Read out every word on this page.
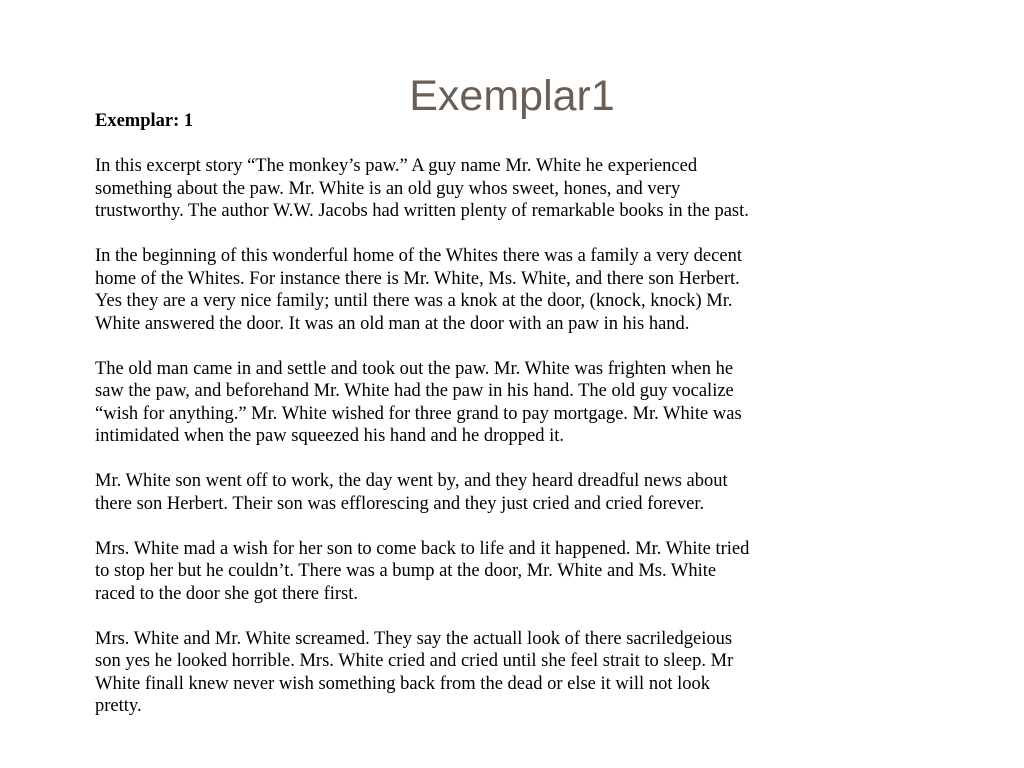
Exemplar1
Exemplar: 1
In this excerpt story “The monkey’s paw.” A guy name Mr. White he experienced
something about the paw. Mr. White is an old guy whos sweet, hones, and very
trustworthy. The author W.W. Jacobs had written plenty of remarkable books in the past.
In the beginning of this wonderful home of the Whites there was a family a very decent
home of the Whites. For instance there is Mr. White, Ms. White, and there son Herbert.
Yes they are a very nice family; until there was a knok at the door, (knock, knock) Mr.
White answered the door. It was an old man at the door with an paw in his hand.
The old man came in and settle and took out the paw. Mr. White was frighten when he
saw the paw, and beforehand Mr. White had the paw in his hand. The old guy vocalize
“wish for anything.” Mr. White wished for three grand to pay mortgage. Mr. White was
intimidated when the paw squeezed his hand and he dropped it.
Mr. White son went off to work, the day went by, and they heard dreadful news about
there son Herbert. Their son was efflorescing and they just cried and cried forever.
Mrs. White mad a wish for her son to come back to life and it happened. Mr. White tried
to stop her but he couldn’t. There was a bump at the door, Mr. White and Ms. White
raced to the door she got there first.
Mrs. White and Mr. White screamed. They say the actuall look of there sacriledgeious
son yes he looked horrible. Mrs. White cried and cried until she feel strait to sleep. Mr
White finall knew never wish something back from the dead or else it will not look
pretty.
